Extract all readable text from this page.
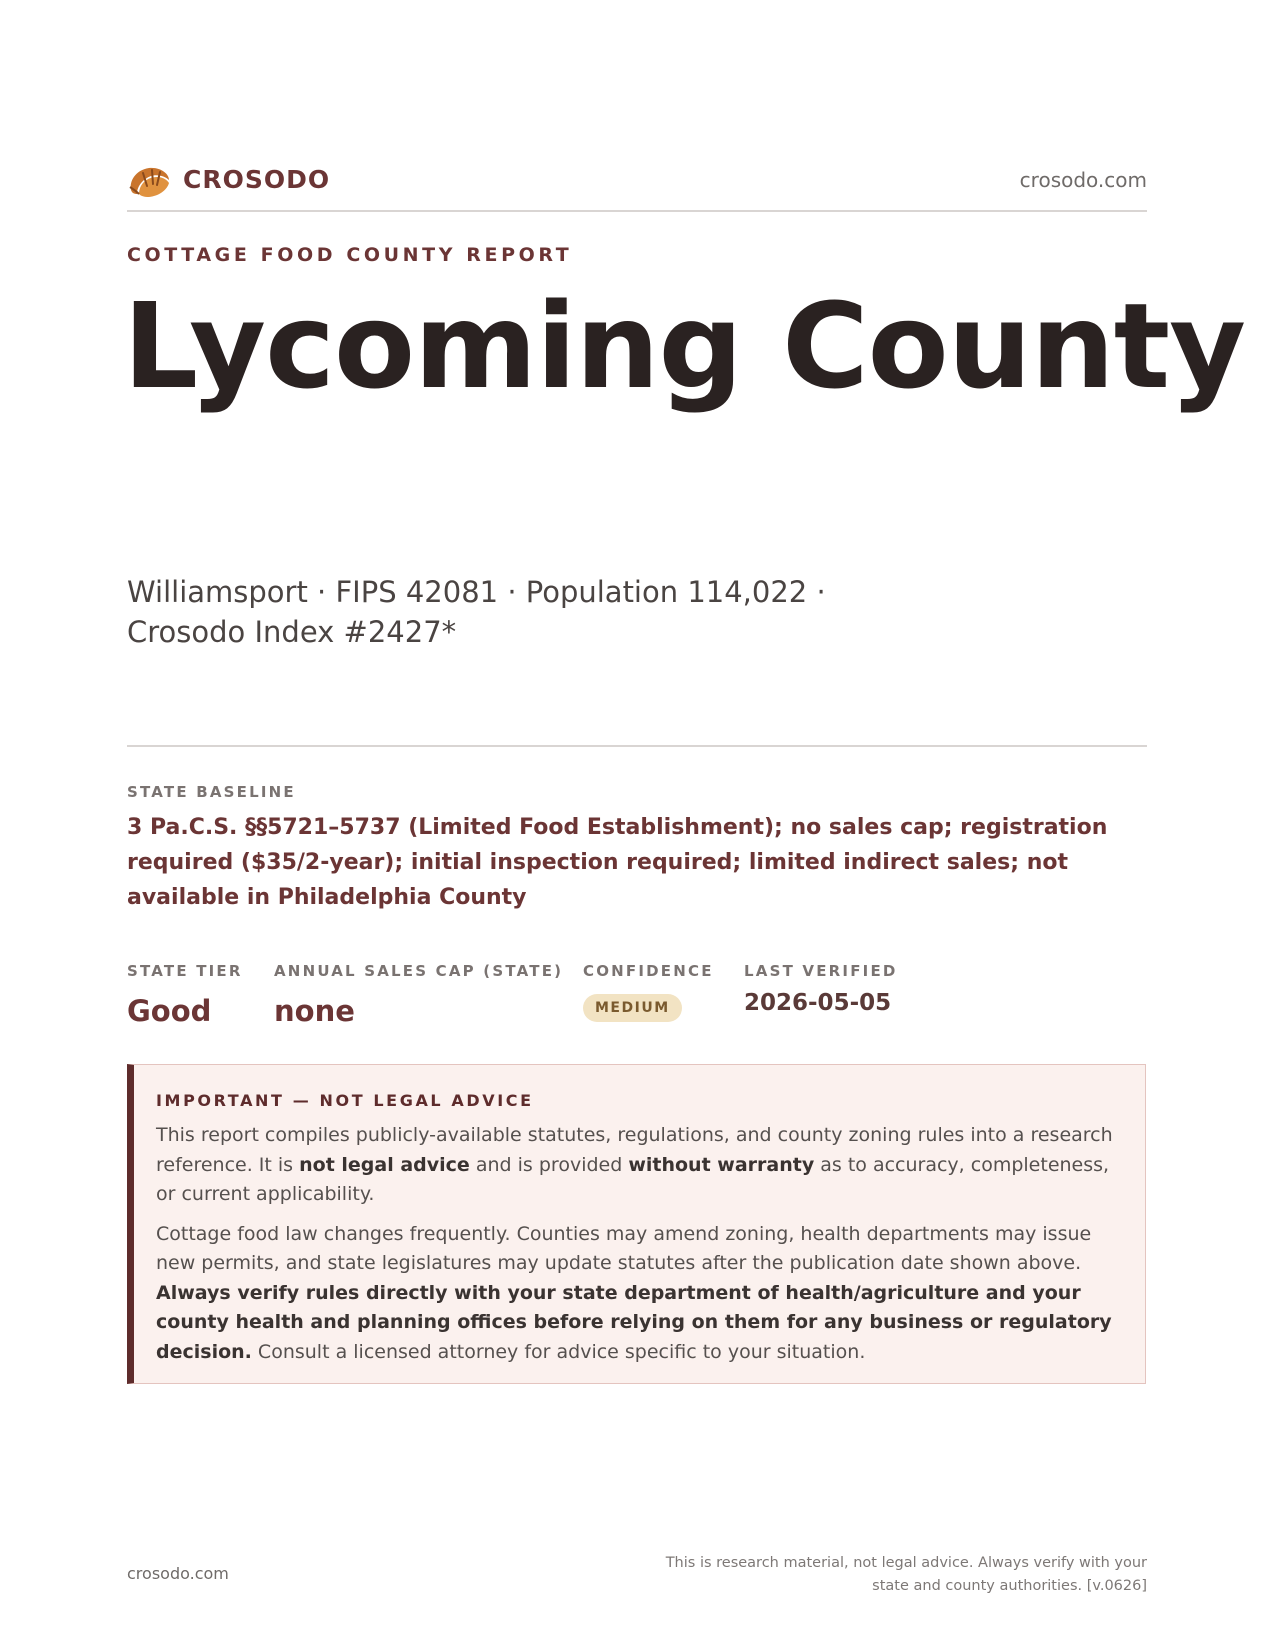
CROSODO	crosodo.com
COTTAGE FOOD COUNTY REPORT
Lycoming County
Williamsport · FIPS 42081 · Population 114,022 · Crosodo Index #2427*
STATE BASELINE
3 Pa.C.S. §§5721–5737 (Limited Food Establishment); no sales cap; registration required ($35/2-year); initial inspection required; limited indirect sales; not available in Philadelphia County
STATE TIER
Good
ANNUAL SALES CAP (STATE)
none
CONFIDENCE
MEDIUM
LAST VERIFIED
2026-05-05
IMPORTANT — NOT LEGAL ADVICE

This report compiles publicly-available statutes, regulations, and county zoning rules into a research reference. It is not legal advice and is provided without warranty as to accuracy, completeness, or current applicability.

Cottage food law changes frequently. Counties may amend zoning, health departments may issue new permits, and state legislatures may update statutes after the publication date shown above. Always verify rules directly with your state department of health/agriculture and your county health and planning offices before relying on them for any business or regulatory decision. Consult a licensed attorney for advice specific to your situation.

crosodo.com
This is research material, not legal advice. Always verify with your state and county authorities. [v.0626]
